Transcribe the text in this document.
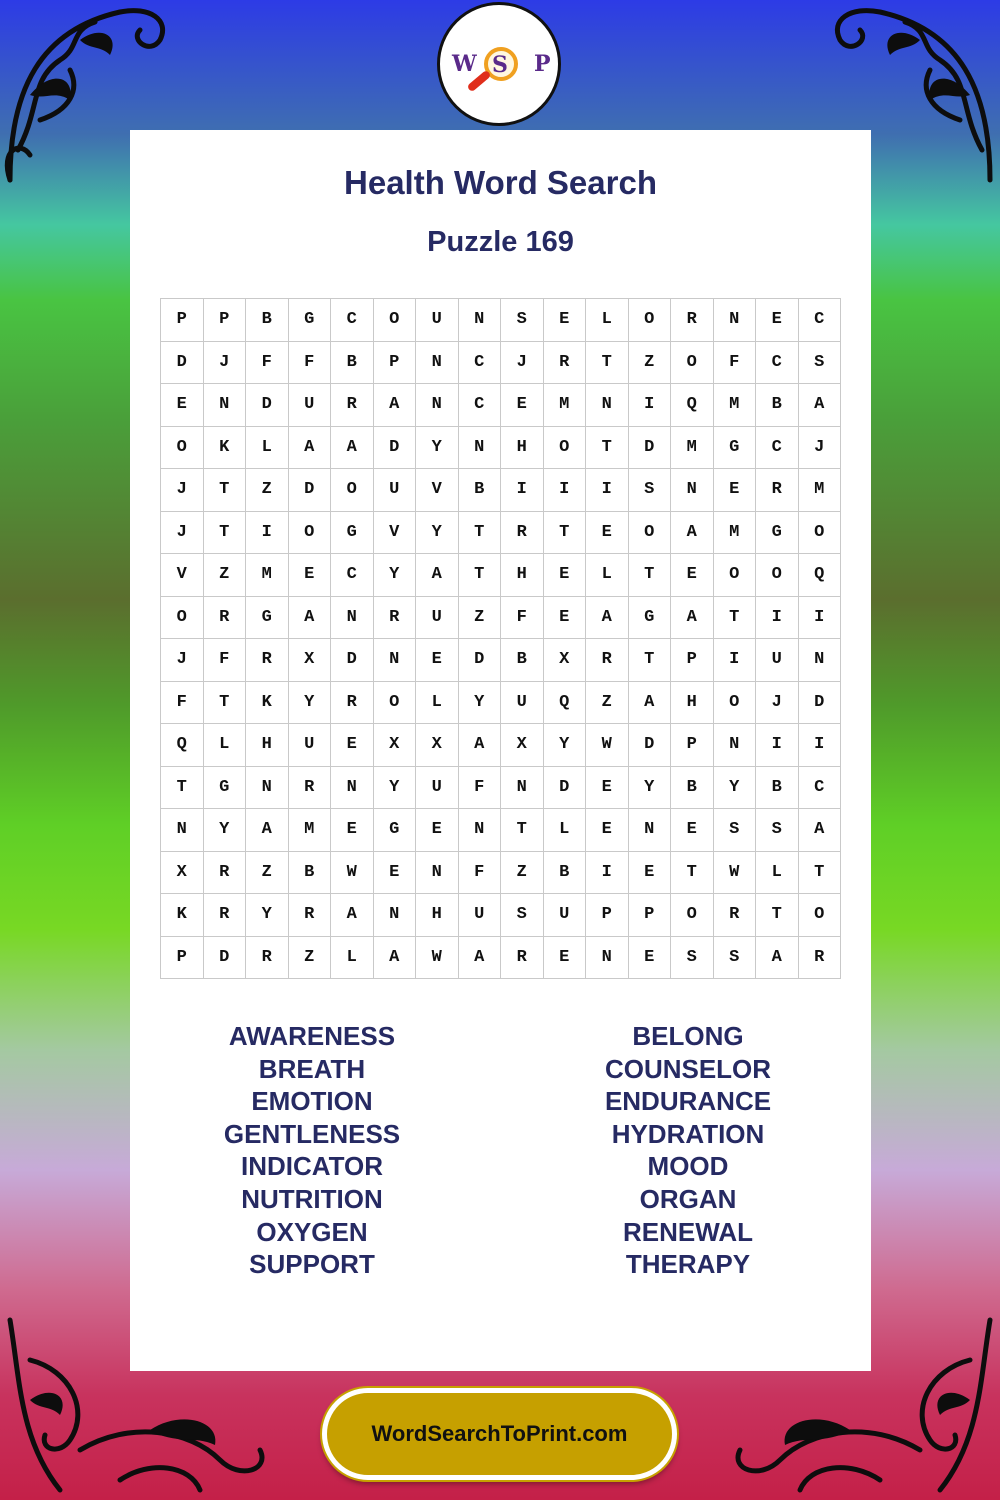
W S P
Health Word Search
Puzzle 169
P	P	B	G	C	O	U	N	S	E	L	O	R	N	E	C
D	J	F	F	B	P	N	C	J	R	T	Z	O	F	C	S
E	N	D	U	R	A	N	C	E	M	N	I	Q	M	B	A
O	K	L	A	A	D	Y	N	H	O	T	D	M	G	C	J
J	T	Z	D	O	U	V	B	I	I	I	S	N	E	R	M
J	T	I	O	G	V	Y	T	R	T	E	O	A	M	G	O
V	Z	M	E	C	Y	A	T	H	E	L	T	E	O	O	Q
O	R	G	A	N	R	U	Z	F	E	A	G	A	T	I	I
J	F	R	X	D	N	E	D	B	X	R	T	P	I	U	N
F	T	K	Y	R	O	L	Y	U	Q	Z	A	H	O	J	D
Q	L	H	U	E	X	X	A	X	Y	W	D	P	N	I	I
T	G	N	R	N	Y	U	F	N	D	E	Y	B	Y	B	C
N	Y	A	M	E	G	E	N	T	L	E	N	E	S	S	A
X	R	Z	B	W	E	N	F	Z	B	I	E	T	W	L	T
K	R	Y	R	A	N	H	U	S	U	P	P	O	R	T	O
P	D	R	Z	L	A	W	A	R	E	N	E	S	S	A	R
AWARENESS
BREATH
EMOTION
GENTLENESS
INDICATOR
NUTRITION
OXYGEN
SUPPORT
BELONG
COUNSELOR
ENDURANCE
HYDRATION
MOOD
ORGAN
RENEWAL
THERAPY
WordSearchToPrint.com
